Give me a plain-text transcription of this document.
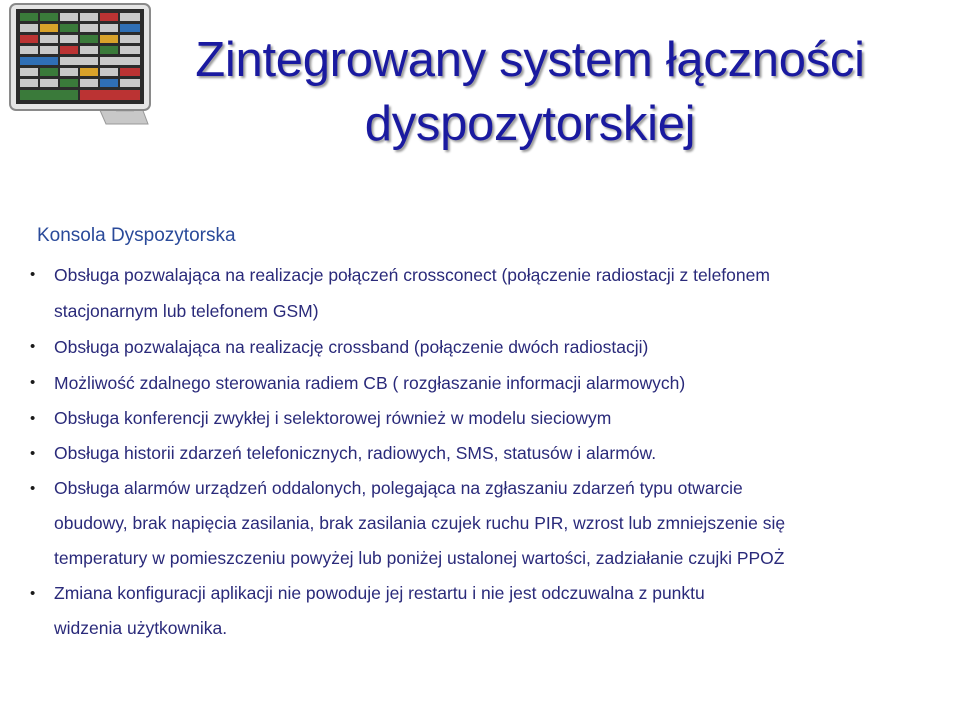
Zintegrowany system łączności
dyspozytorskiej
Konsola Dyspozytorska
• Obsługa pozwalająca na realizacje połączeń crossconect (połączenie radiostacji z telefonem
stacjonarnym lub telefonem GSM)
• Obsługa pozwalająca na realizację crossband (połączenie dwóch radiostacji)
• Możliwość zdalnego sterowania radiem CB ( rozgłaszanie informacji alarmowych)
• Obsługa konferencji zwykłej i selektorowej również w modelu sieciowym
• Obsługa historii zdarzeń telefonicznych, radiowych, SMS, statusów i alarmów.
• Obsługa alarmów urządzeń oddalonych, polegająca na zgłaszaniu zdarzeń typu otwarcie
obudowy, brak napięcia zasilania, brak zasilania czujek ruchu PIR, wzrost lub zmniejszenie się
temperatury w pomieszczeniu powyżej lub poniżej ustalonej wartości, zadziałanie czujki PPOŻ
• Zmiana konfiguracji aplikacji nie powoduje jej restartu i nie jest odczuwalna z punktu
widzenia użytkownika.
